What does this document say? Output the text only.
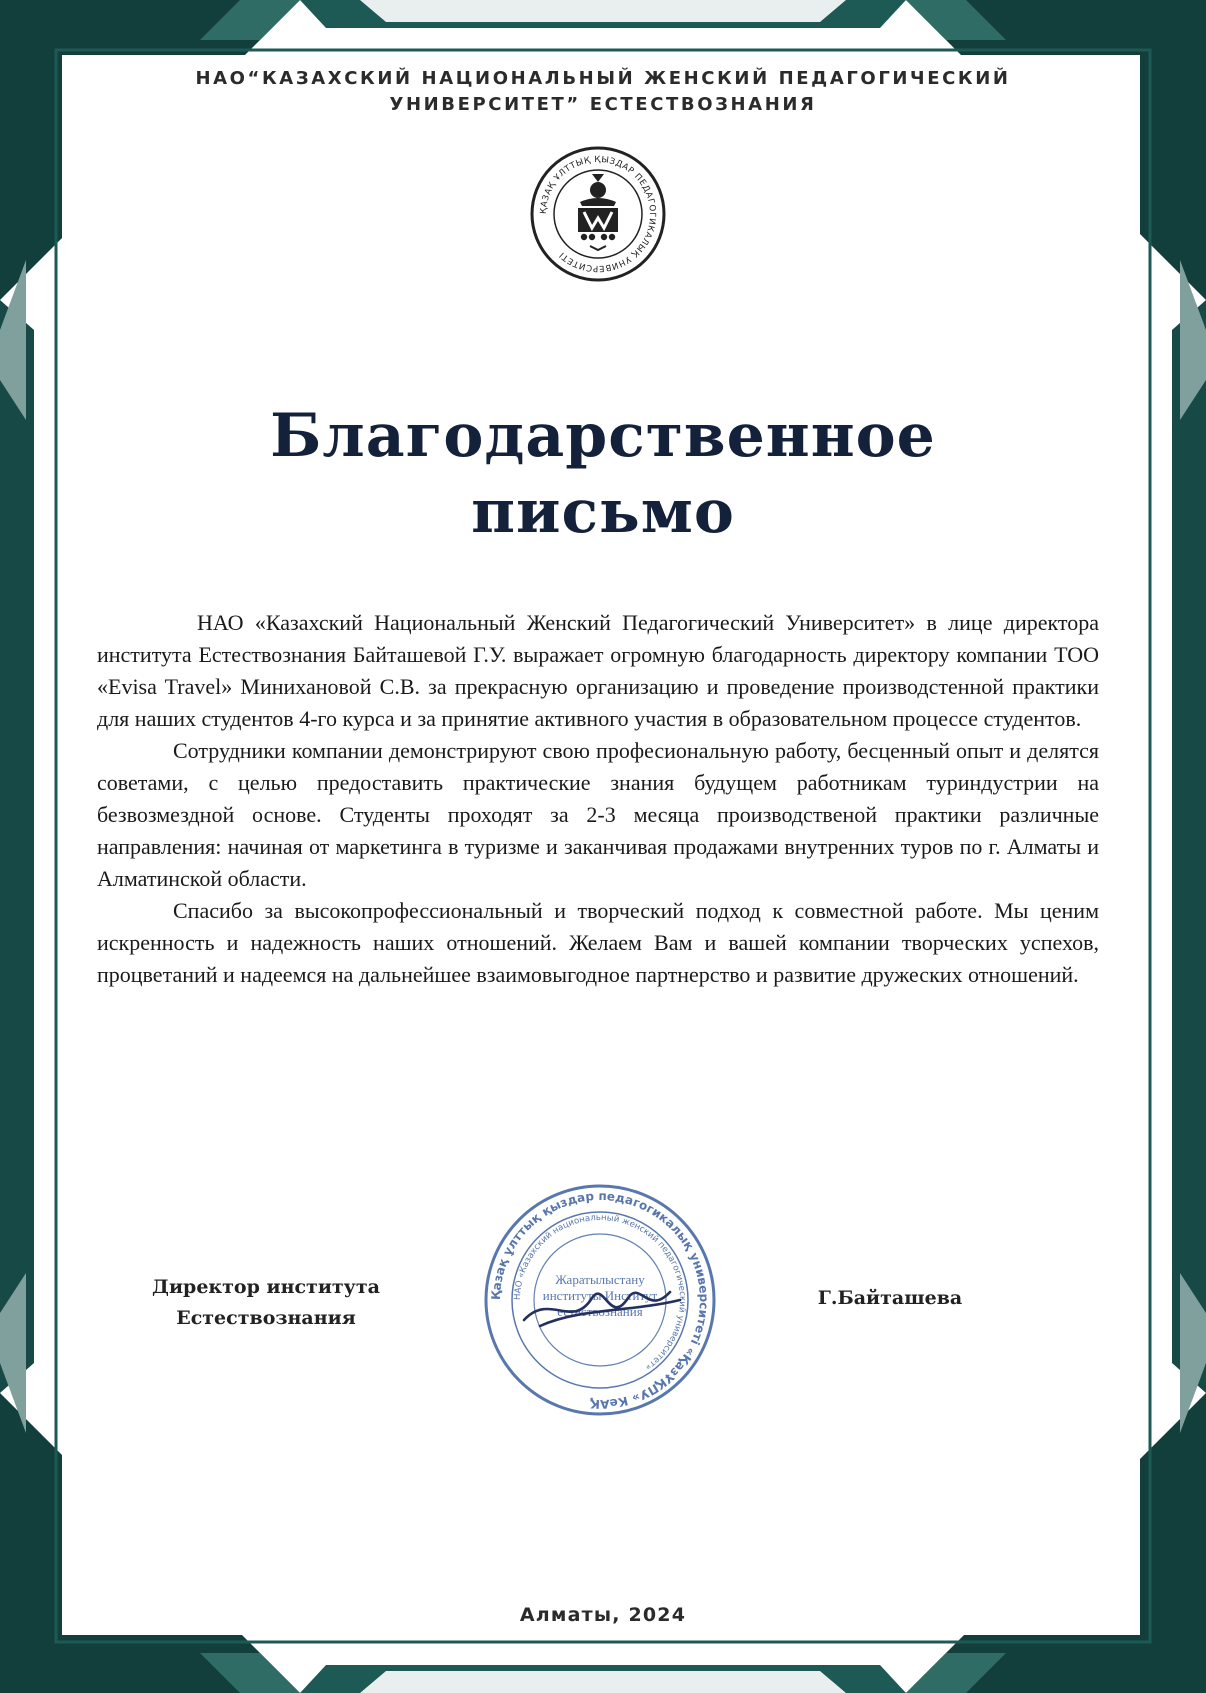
НАО“КАЗАХСКИЙ НАЦИОНАЛЬНЫЙ ЖЕНСКИЙ ПЕДАГОГИЧЕСКИЙ
УНИВЕРСИТЕТ” ЕСТЕСТВОЗНАНИЯ
ҚАЗАҚ ҰЛТТЫҚ ҚЫЗДАР ПЕДАГОГИКАЛЫҚ УНИВЕРСИТЕТІ
Благодарственное
письмо

НАО «Казахский Национальный Женский Педагогический Университет» в лице директора института Естествознания Байташевой Г.У. выражает огромную благодарность директору компании ТОО «Evisa Travel» Минихановой С.В. за прекрасную организацию и проведение производстенной практики для наших студентов 4-го курса и за принятие активного участия в образовательном процессе студентов.

Сотрудники компании демонстрируют свою професиональную работу, бесценный опыт и делятся советами, с целью предоставить практические знания будущем работникам туриндустрии на безвозмездной основе. Студенты проходят за 2-3 месяца производственой практики различные направления: начиная от маркетинга в туризме и заканчивая продажами внутренних туров по г. Алматы и Алматинской области.

Спасибо за высокопрофессиональный и творческий подход к совместной работе. Мы ценим искренность и надежность наших отношений. Желаем Вам и вашей компании творческих успехов, процветаний и надеемся на дальнейшее взаимовыгодное партнерство и развитие дружеских отношений.

Директор института
Естествознания
Қазақ ұлттық қыздар педагогикалық университеті «ҚазҰҚПУ» КеАҚ
НАО «Казахский национальный женский педагогический университет»
Жаратылыстану институты Институт естествознания
Г.Байташева
Алматы, 2024
